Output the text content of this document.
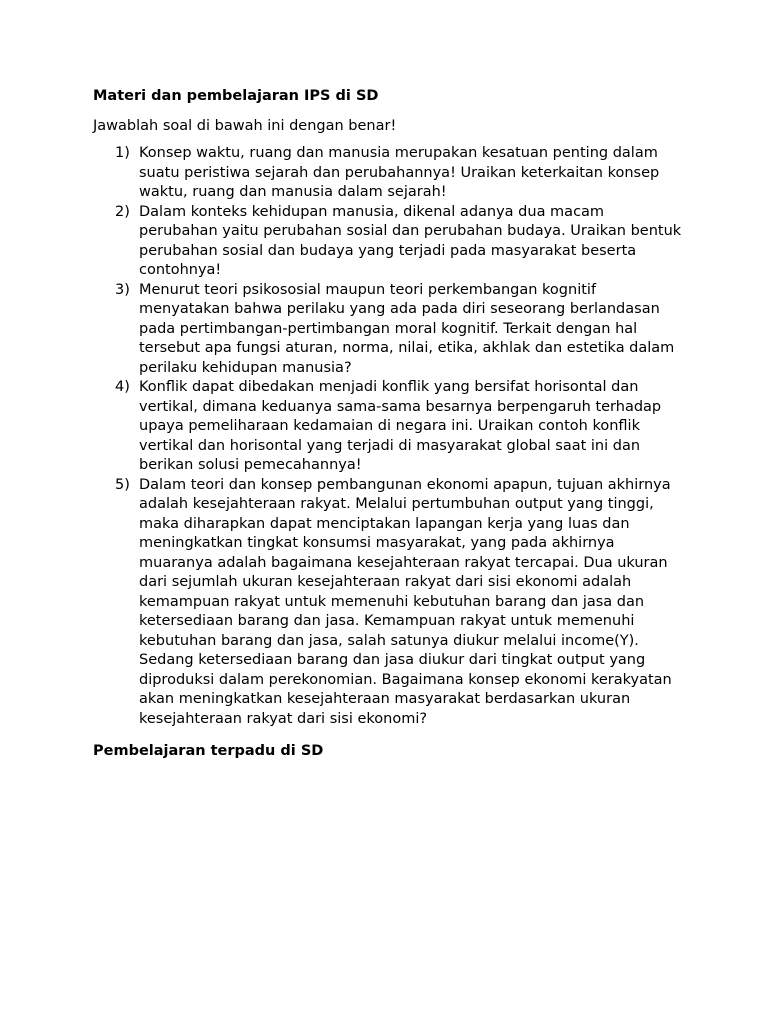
Materi dan pembelajaran IPS di SD

Jawablah soal di bawah ini dengan benar!

1) Konsep waktu, ruang dan manusia merupakan kesatuan penting dalam suatu peristiwa sejarah dan perubahannya! Uraikan keterkaitan konsep waktu, ruang dan manusia dalam sejarah!
2) Dalam konteks kehidupan manusia, dikenal adanya dua macam perubahan yaitu perubahan sosial dan perubahan budaya. Uraikan bentuk perubahan sosial dan budaya yang terjadi pada masyarakat beserta contohnya!
3) Menurut teori psikososial maupun teori perkembangan kognitif menyatakan bahwa perilaku yang ada pada diri seseorang berlandasan pada pertimbangan-pertimbangan moral kognitif. Terkait dengan hal tersebut apa fungsi aturan, norma, nilai, etika, akhlak dan estetika dalam perilaku kehidupan manusia?
4) Konflik dapat dibedakan menjadi konflik yang bersifat horisontal dan vertikal, dimana keduanya sama-sama besarnya berpengaruh terhadap upaya pemeliharaan kedamaian di negara ini. Uraikan contoh konflik vertikal dan horisontal yang terjadi di masyarakat global saat ini dan berikan solusi pemecahannya!
5) Dalam teori dan konsep pembangunan ekonomi apapun, tujuan akhirnya adalah kesejahteraan rakyat. Melalui pertumbuhan output yang tinggi, maka diharapkan dapat menciptakan lapangan kerja yang luas dan meningkatkan tingkat konsumsi masyarakat, yang pada akhirnya muaranya adalah bagaimana kesejahteraan rakyat tercapai. Dua ukuran dari sejumlah ukuran kesejahteraan rakyat dari sisi ekonomi adalah kemampuan rakyat untuk memenuhi kebutuhan barang dan jasa dan ketersediaan barang dan jasa. Kemampuan rakyat untuk memenuhi kebutuhan barang dan jasa, salah satunya diukur melalui income(Y). Sedang ketersediaan barang dan jasa diukur dari tingkat output yang diproduksi dalam perekonomian. Bagaimana konsep ekonomi kerakyatan akan meningkatkan kesejahteraan masyarakat berdasarkan ukuran kesejahteraan rakyat dari sisi ekonomi?

Pembelajaran terpadu di SD
